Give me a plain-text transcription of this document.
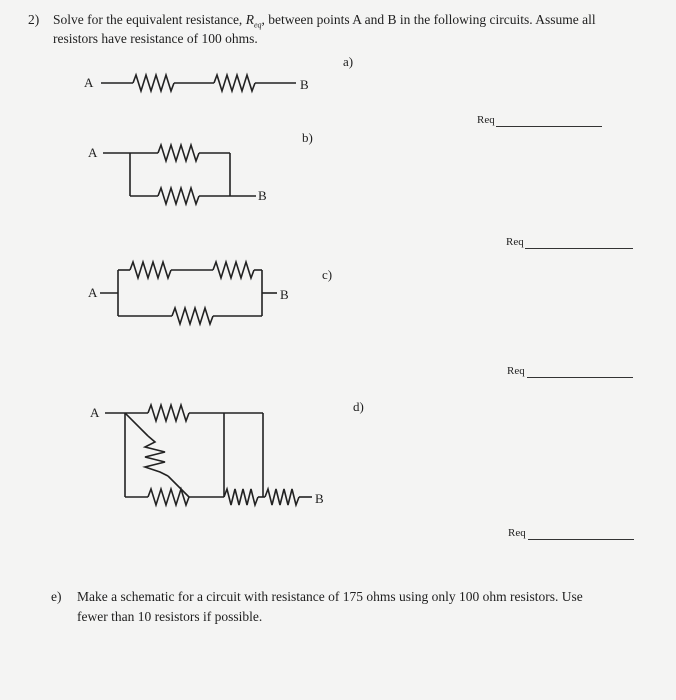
2) Solve for the equivalent resistance, $R_{eq}$, between points A and B in the following circuits. Assume all
resistors have resistance of 100 ohms.
a)
A	B
Req
b)
A
B
Req
c)
A	B
Req
d)
A
B
Req
e) Make a schematic for a circuit with resistance of 175 ohms using only 100 ohm resistors. Use
fewer than 10 resistors if possible.
